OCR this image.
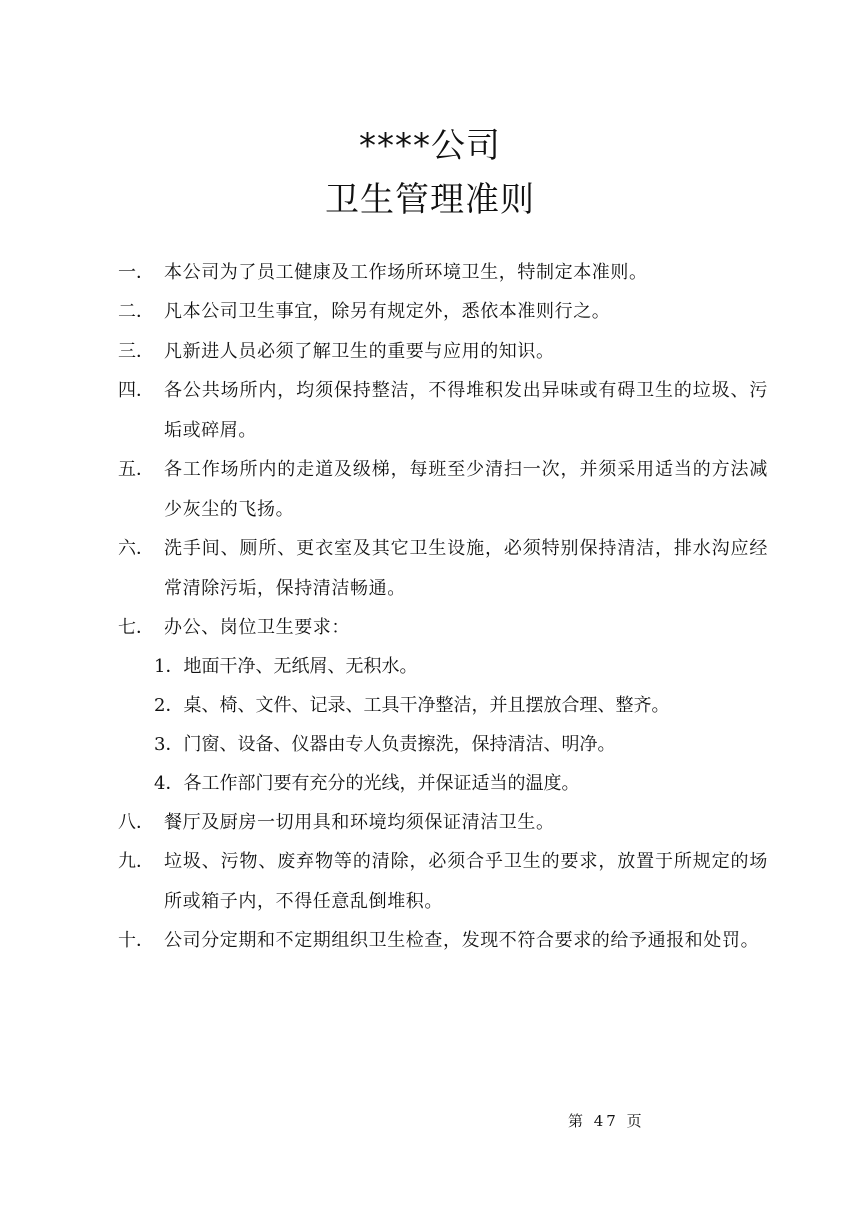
****公司
卫生管理准则
一． 本公司为了员工健康及工作场所环境卫生，特制定本准则。
二． 凡本公司卫生事宜，除另有规定外，悉依本准则行之。
三． 凡新进人员必须了解卫生的重要与应用的知识。
四． 各公共场所内，均须保持整洁，不得堆积发出异味或有碍卫生的垃圾、污垢或碎屑。
五． 各工作场所内的走道及级梯，每班至少清扫一次，并须采用适当的方法减少灰尘的飞扬。
六． 洗手间、厕所、更衣室及其它卫生设施，必须特别保持清洁，排水沟应经常清除污垢，保持清洁畅通。
七． 办公、岗位卫生要求：
1．地面干净、无纸屑、无积水。
2．桌、椅、文件、记录、工具干净整洁，并且摆放合理、整齐。
3．门窗、设备、仪器由专人负责擦洗，保持清洁、明净。
4．各工作部门要有充分的光线，并保证适当的温度。
八． 餐厅及厨房一切用具和环境均须保证清洁卫生。
九． 垃圾、污物、废弃物等的清除，必须合乎卫生的要求，放置于所规定的场所或箱子内，不得任意乱倒堆积。
十． 公司分定期和不定期组织卫生检查，发现不符合要求的给予通报和处罚。
第 47 页
